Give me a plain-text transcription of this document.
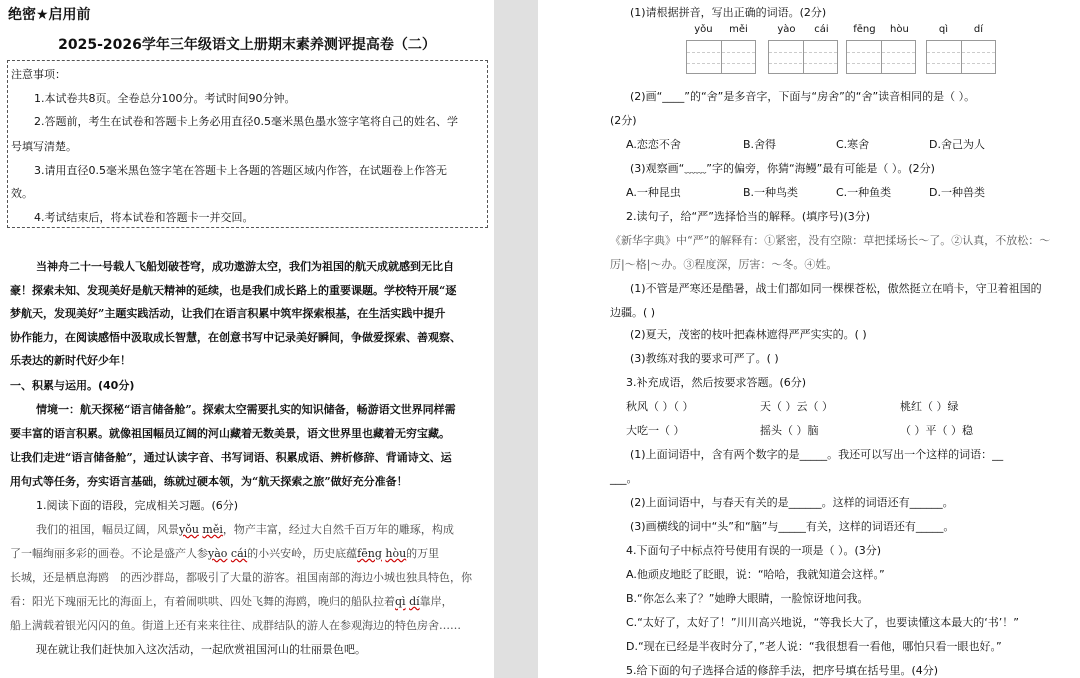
绝密★启用前
2025-2026学年三年级语文上册期末素养测评提高卷（二）
注意事项：
1.本试卷共8页。全卷总分100分。考试时间90分钟。
2.答题前，考生在试卷和答题卡上务必用直径0.5毫米黑色墨水签字笔将自己的姓名、学
号填写清楚。
3.请用直径0.5毫米黑色签字笔在答题卡上各题的答题区域内作答，在试题卷上作答无
效。
4.考试结束后，将本试卷和答题卡一并交回。
当神舟二十一号载人飞船划破苍穹，成功遨游太空，我们为祖国的航天成就感到无比自
豪！探索未知、发现美好是航天精神的延续，也是我们成长路上的重要课题。学校特开展“逐
梦航天，发现美好”主题实践活动，让我们在语言积累中筑牢探索根基，在生活实践中提升
协作能力，在阅读感悟中汲取成长智慧，在创意书写中记录美好瞬间，争做爱探索、善观察、
乐表达的新时代好少年！
一、积累与运用。(40分)
情境一：航天探秘“语言储备舱”。探索太空需要扎实的知识储备，畅游语文世界同样需
要丰富的语言积累。就像祖国幅员辽阔的河山藏着无数美景，语文世界里也藏着无穷宝藏。
让我们走进“语言储备舱”，通过认读字音、书写词语、积累成语、辨析修辞、背诵诗文、运
用句式等任务，夯实语言基础，练就过硬本领，为“航天探索之旅”做好充分准备！
1.阅读下面的语段，完成相关习题。(6分)
我们的祖国，幅员辽阔，风景yǒu měi，物产丰富，经过大自然千百万年的雕琢，构成
了一幅绚丽多彩的画卷。不论是盛产人参yào cái的小兴安岭，历史底蕴fēng hòu的万里
长城，还是栖息海鸥 的西沙群岛，都吸引了大量的游客。祖国南部的海边小城也独具特色，你
看：阳光下瑰丽无比的海面上，有着闹哄哄、四处飞舞的海鸥，晚归的船队拉着qì dí靠岸，
船上满载着银光闪闪的鱼。街道上还有来来往往、成群结队的游人在参观海边的特色房舍……
现在就让我们赶快加入这次活动，一起欣赏祖国河山的壮丽景色吧。
(1)请根据拼音，写出正确的词语。(2分)
yǒu měi	yào cái fēng hòu	qì	dí
(2)画“____”的“舍”是多音字，下面与“房舍”的“舍”读音相同的是（ ）。
(2分)
A.恋恋不舍	B.舍得	C.寒舍	D.舍己为人
(3)观察画“﹏﹏”字的偏旁，你猜“海鳗”最有可能是（ ）。(2分)
A.一种昆虫	B.一种鸟类	C.一种鱼类	D.一种兽类
2.读句子，给“严”选择恰当的解释。(填序号)(3分)
《新华字典》中“严”的解释有：①紧密，没有空隙：草把揉场长～了。②认真，不放松：～
厉|～格|～办。③程度深，厉害：～冬。④姓。
(1)不管是严寒还是酷暑，战士们都如同一棵棵苍松，傲然挺立在哨卡，守卫着祖国的
边疆。( )
(2)夏天，茂密的枝叶把森林遮得严严实实的。( )
(3)教练对我的要求可严了。( )
3.补充成语，然后按要求答题。(6分)
秋风（ ）（ ）	天（ ）云（ ）	桃红（ ）绿
大吃一（ ）	摇头（ ）脑	（ ）平（ ）稳
(1)上面词语中，含有两个数字的是_____。我还可以写出一个这样的词语：__
___。
(2)上面词语中，与春天有关的是______。这样的词语还有______。
(3)画横线的词中“头”和“脑”与_____有关，这样的词语还有_____。
4.下面句子中标点符号使用有误的一项是（ ）。(3分)
A.他顽皮地眨了眨眼，说：“哈哈，我就知道会这样。”
B.“你怎么来了？”她睁大眼睛，一脸惊讶地问我。
C.“太好了，太好了！”川川高兴地说，“等我长大了，也要读懂这本最大的‘书’！”
D.“现在已经是半夜时分了，”老人说：“我很想看一看他，哪怕只看一眼也好。”
5.给下面的句子选择合适的修辞手法，把序号填在括号里。(4分)
